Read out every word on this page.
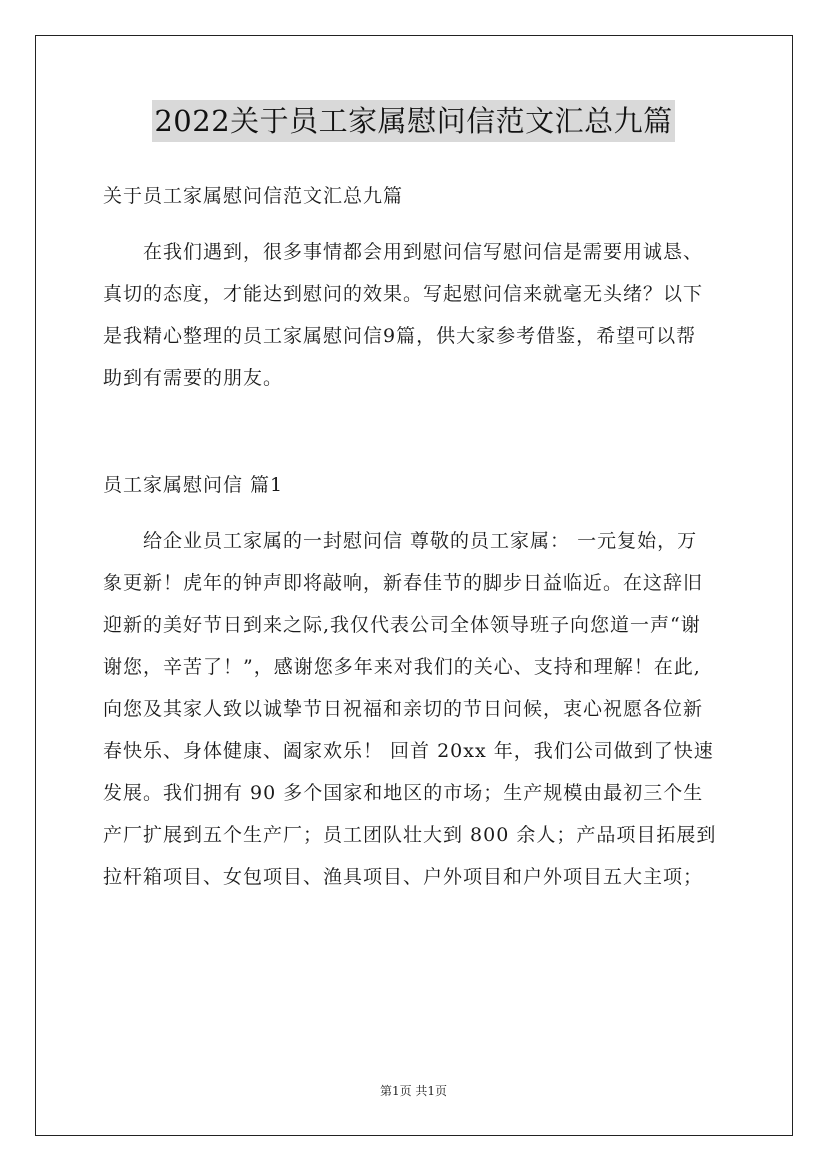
2022关于员工家属慰问信范文汇总九篇
关于员工家属慰问信范文汇总九篇
在我们遇到，很多事情都会用到慰问信写慰问信是需要用诚恳、
真切的态度，才能达到慰问的效果。写起慰问信来就毫无头绪？以下
是我精心整理的员工家属慰问信9篇，供大家参考借鉴，希望可以帮
助到有需要的朋友。
员工家属慰问信 篇1
给企业员工家属的一封慰问信 尊敬的员工家属： 一元复始，万
象更新！虎年的钟声即将敲响，新春佳节的脚步日益临近。在这辞旧
迎新的美好节日到来之际,我仅代表公司全体领导班子向您道一声“谢
谢您，辛苦了！”，感谢您多年来对我们的关心、支持和理解！在此,
向您及其家人致以诚挚节日祝福和亲切的节日问候，衷心祝愿各位新
春快乐、身体健康、阖家欢乐！ 回首 20xx 年，我们公司做到了快速
发展。我们拥有 90 多个国家和地区的市场；生产规模由最初三个生
产厂扩展到五个生产厂；员工团队壮大到 800 余人；产品项目拓展到
拉杆箱项目、女包项目、渔具项目、户外项目和户外项目五大主项；
第1页 共1页
